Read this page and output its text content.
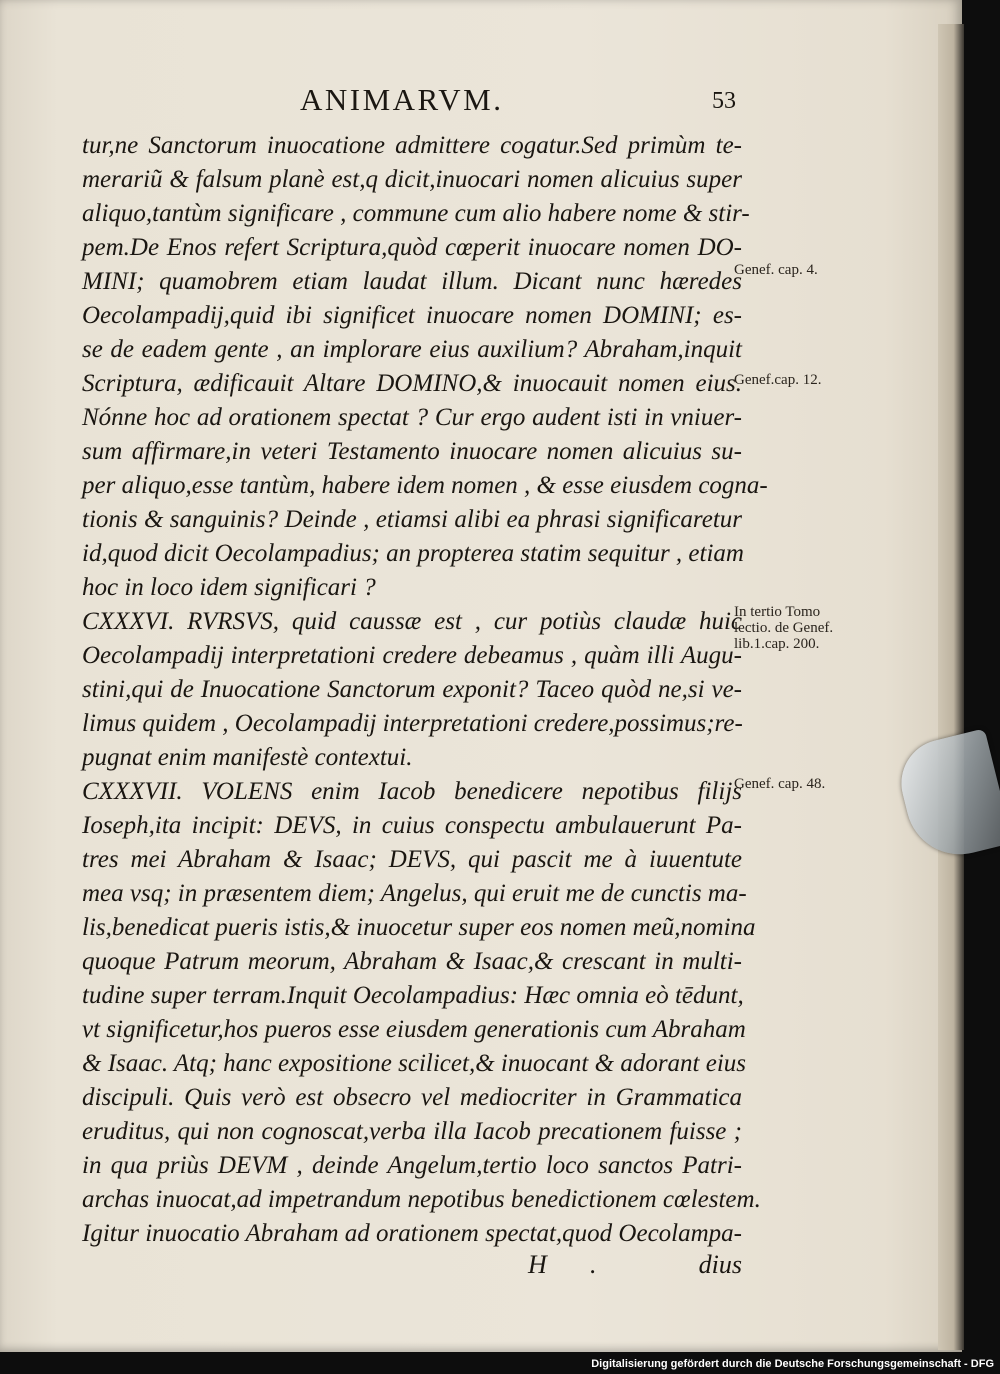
ANIMARVM.	53
tur,ne Sanctorum inuocatione admittere cogatur.Sed primùm te-
merariũ & falsum planè est,q dicit,inuocari nomen alicuius super
aliquo,tantùm significare , commune cum alio habere nome & stir-
pem.De Enos refert Scriptura,quòd cœperit inuocare nomen DO-
MINI; quamobrem etiam laudat illum. Dicant nunc hæredes
Oecolampadij,quid ibi significet inuocare nomen DOMINI; es-
se de eadem gente , an implorare eius auxilium? Abraham,inquit
Scriptura, ædificauit Altare DOMINO,& inuocauit nomen eius.
Nónne hoc ad orationem spectat ? Cur ergo audent isti in vniuer-
sum affirmare,in veteri Testamento inuocare nomen alicuius su-
per aliquo,esse tantùm, habere idem nomen , & esse eiusdem cogna-
tionis & sanguinis? Deinde , etiamsi alibi ea phrasi significaretur
id,quod dicit Oecolampadius; an propterea statim sequitur , etiam
hoc in loco idem significari ?
CXXXVI. RVRSVS, quid caussæ est , cur potiùs claudæ huic
Oecolampadij interpretationi credere debeamus , quàm illi Augu-
stini,qui de Inuocatione Sanctorum exponit? Taceo quòd ne,si ve-
limus quidem , Oecolampadij interpretationi credere,possimus;re-
pugnat enim manifestè contextui.
CXXXVII. VOLENS enim Iacob benedicere nepotibus filijs
Ioseph,ita incipit: DEVS, in cuius conspectu ambulauerunt Pa-
tres mei Abraham & Isaac; DEVS, qui pascit me à iuuentute
mea vsq; in præsentem diem; Angelus, qui eruit me de cunctis ma-
lis,benedicat pueris istis,& inuocetur super eos nomen meũ,nomina
quoque Patrum meorum, Abraham & Isaac,& crescant in multi-
tudine super terram.Inquit Oecolampadius: Hæc omnia eò tēdunt,
vt significetur,hos pueros esse eiusdem generationis cum Abraham
& Isaac. Atq; hanc expositione scilicet,& inuocant & adorant eius
discipuli. Quis verò est obsecro vel mediocriter in Grammatica
eruditus, qui non cognoscat,verba illa Iacob precationem fuisse ;
in qua priùs DEVM , deinde Angelum,tertio loco sanctos Patri-
archas inuocat,ad impetrandum nepotibus benedictionem cœlestem.
Igitur inuocatio Abraham ad orationem spectat,quod Oecolampa-
Genef. cap. 4.
Genef.cap. 12.
In tertio Tomo
lectio. de Genef.
lib.1.cap. 200.
Genef. cap. 48.
H .	dius
Digitalisierung gefördert durch die Deutsche Forschungsgemeinschaft - DFG
